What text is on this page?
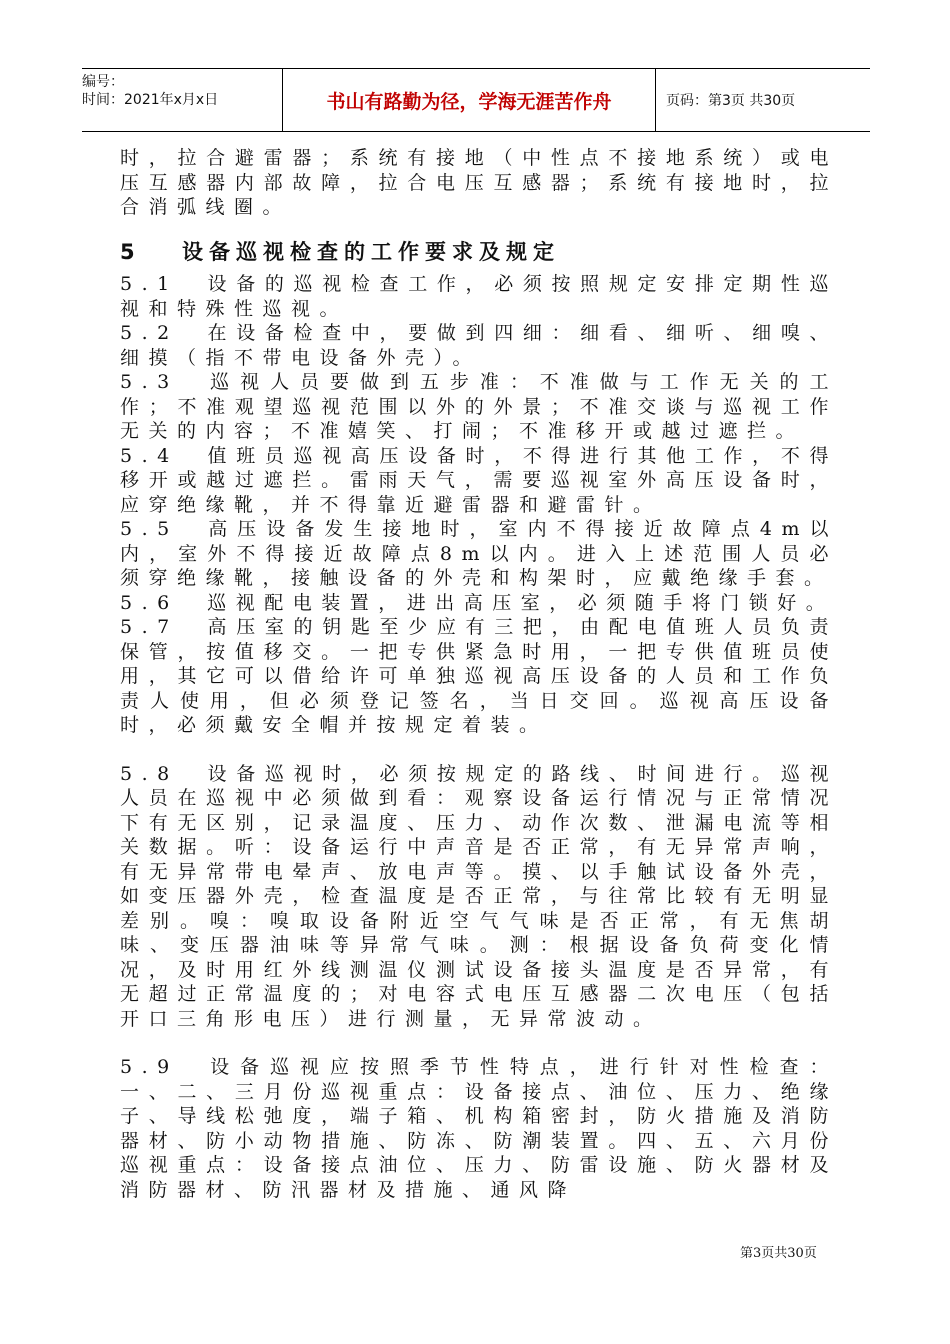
编号：
时间：2021年x月x日	书山有路勤为径，学海无涯苦作舟	页码：第3页 共30页

时，拉合避雷器；系统有接地（中性点不接地系统）或电压互感器内部故障，拉合电压互感器；系统有接地时，拉合消弧线圈。

5 设备巡视检查的工作要求及规定

5.1　设备的巡视检查工作，必须按照规定安排定期性巡视和特殊性巡视。

5.2　在设备检查中，要做到四细：细看、细听、细嗅、细摸（指不带电设备外壳）。

5.3　巡视人员要做到五步准：不准做与工作无关的工作；不准观望巡视范围以外的外景；不准交谈与巡视工作无关的内容；不准嬉笑、打闹；不准移开或越过遮拦。

5.4　值班员巡视高压设备时，不得进行其他工作，不得移开或越过遮拦。雷雨天气，需要巡视室外高压设备时，应穿绝缘靴，并不得靠近避雷器和避雷针。

5.5　高压设备发生接地时，室内不得接近故障点4m以内，室外不得接近故障点8m以内。进入上述范围人员必须穿绝缘靴，接触设备的外壳和构架时，应戴绝缘手套。

5.6　巡视配电装置，进出高压室，必须随手将门锁好。

5.7　高压室的钥匙至少应有三把，由配电值班人员负责保管，按值移交。一把专供紧急时用，一把专供值班员使用，其它可以借给许可单独巡视高压设备的人员和工作负责人使用，但必须登记签名，当日交回。巡视高压设备时，必须戴安全帽并按规定着装。

5.8　设备巡视时，必须按规定的路线、时间进行。巡视人员在巡视中必须做到看：观察设备运行情况与正常情况下有无区别，记录温度、压力、动作次数、泄漏电流等相关数据。听：设备运行中声音是否正常，有无异常声响，有无异常带电晕声、放电声等。摸、以手触试设备外壳，如变压器外壳，检查温度是否正常，与往常比较有无明显差别。嗅：嗅取设备附近空气气味是否正常，有无焦胡味、变压器油味等异常气味。测：根据设备负荷变化情况，及时用红外线测温仪测试设备接头温度是否异常，有无超过正常温度的；对电容式电压互感器二次电压（包括开口三角形电压）进行测量，无异常波动。

5.9　设备巡视应按照季节性特点，进行针对性检查：一、二、三月份巡视重点：设备接点、油位、压力、绝缘子、导线松弛度，端子箱、机构箱密封，防火措施及消防器材、防小动物措施、防冻、防潮装置。四、五、六月份巡视重点：设备接点油位、压力、防雷设施、防火器材及消防器材、防汛器材及措施、通风降

第3页共30页
